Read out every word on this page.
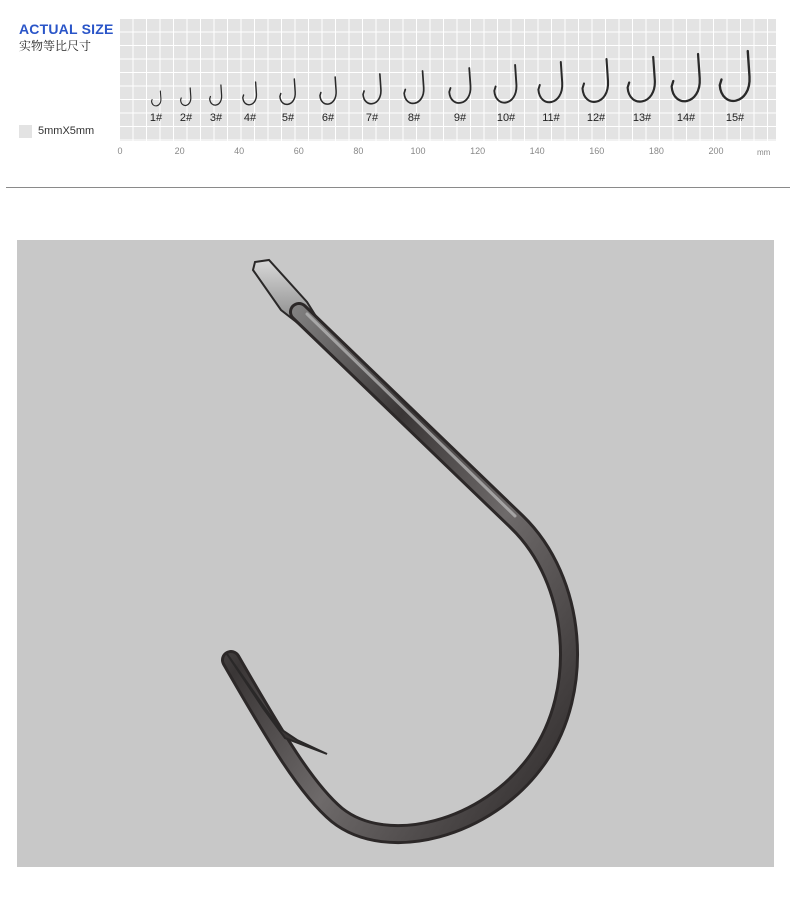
ACTUAL SIZE
实物等比尺寸
5mmX5mm
0	20	40	60	80	100	120	140	160	180	200	mm
1# 2# 3# 4# 5#	6#	7#	8#	9#	10# 11# 12#	13# 14#	15#
